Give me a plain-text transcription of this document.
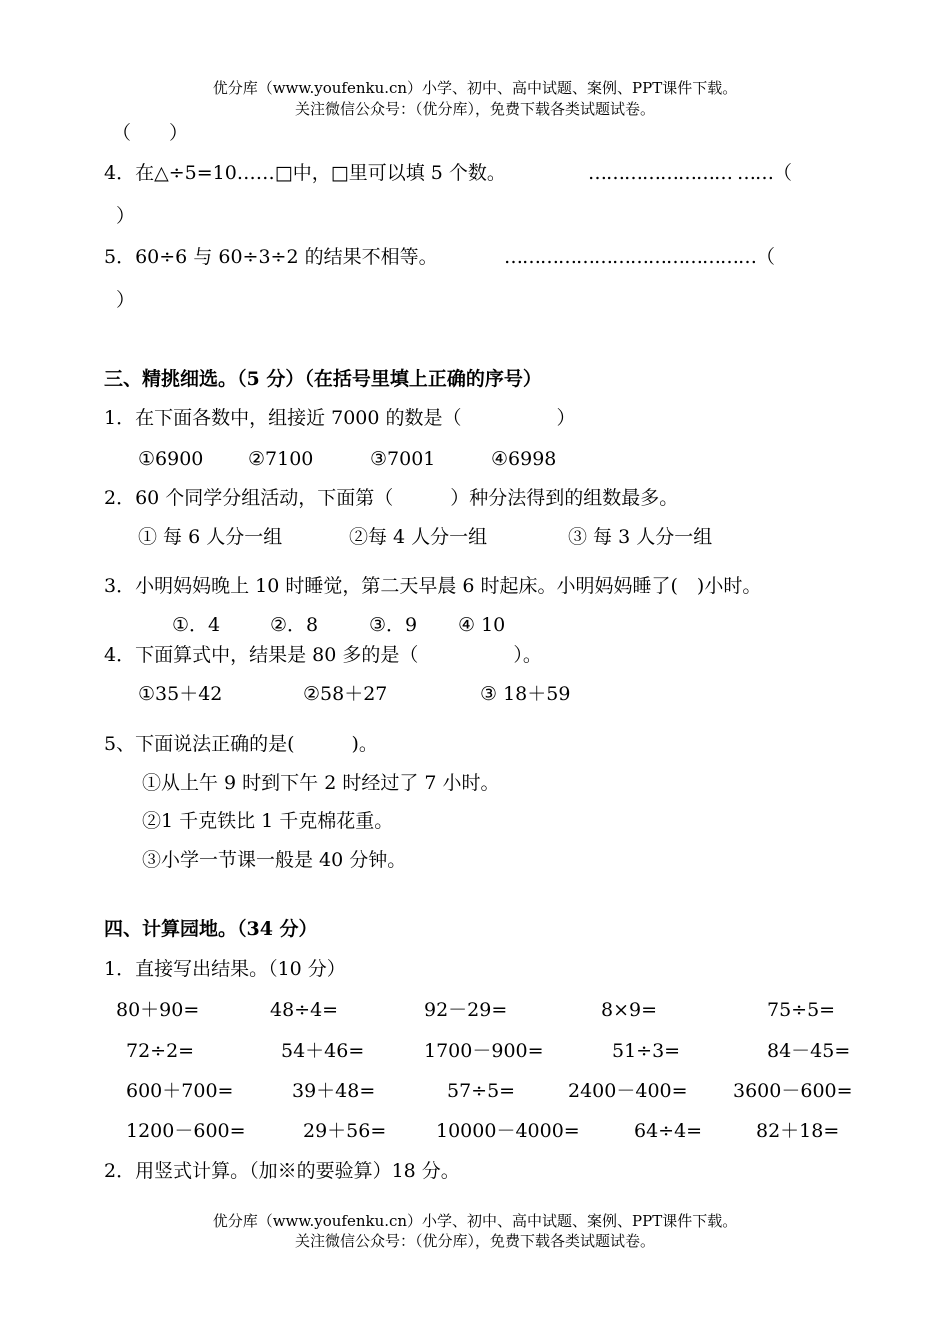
优分库（www.youfenku.cn）小学、初中、高中试题、案例、PPT课件下载。
关注微信公众号：（优分库），免费下载各类试题试卷。
（　　）
4．在△÷5=10……□中，□里可以填 5 个数。	…………………… ……（
）
5．60÷6 与 60÷3÷2 的结果不相等。	……………………………………（
）
三、精挑细选。（5 分）（在括号里填上正确的序号）
1．在下面各数中，组接近 7000 的数是（　　　　　）
①6900 ②7100	③7001	④6998
2．60 个同学分组活动，下面第（　　　）种分法得到的组数最多。
① 每 6 人分一组	②每 4 人分一组	③ 每 3 人分一组
3．小明妈妈晚上 10 时睡觉，第二天早晨 6 时起床。小明妈妈睡了(　)小时。
①．4	②．8	③．9 ④ 10
4．下面算式中，结果是 80 多的是（　　　　　）。
①35＋42	②58＋27	③ 18＋59
5、下面说法正确的是(　　　)。
①从上午 9 时到下午 2 时经过了 7 小时。
②1 千克铁比 1 千克棉花重。
③小学一节课一般是 40 分钟。
四、计算园地。（34 分）
1．直接写出结果。（10 分）
80＋90=	48÷4=	92－29=	8×9=	75÷5=
72÷2=	54＋46=	1700－900=	51÷3=	84－45=
600＋700=	39＋48=	57÷5=	2400－400= 3600－600=
1200－600=	29＋56=	10000－4000=	64÷4=	82＋18=
2．用竖式计算。（加※的要验算）18 分。
优分库（www.youfenku.cn）小学、初中、高中试题、案例、PPT课件下载。
关注微信公众号：（优分库），免费下载各类试题试卷。
